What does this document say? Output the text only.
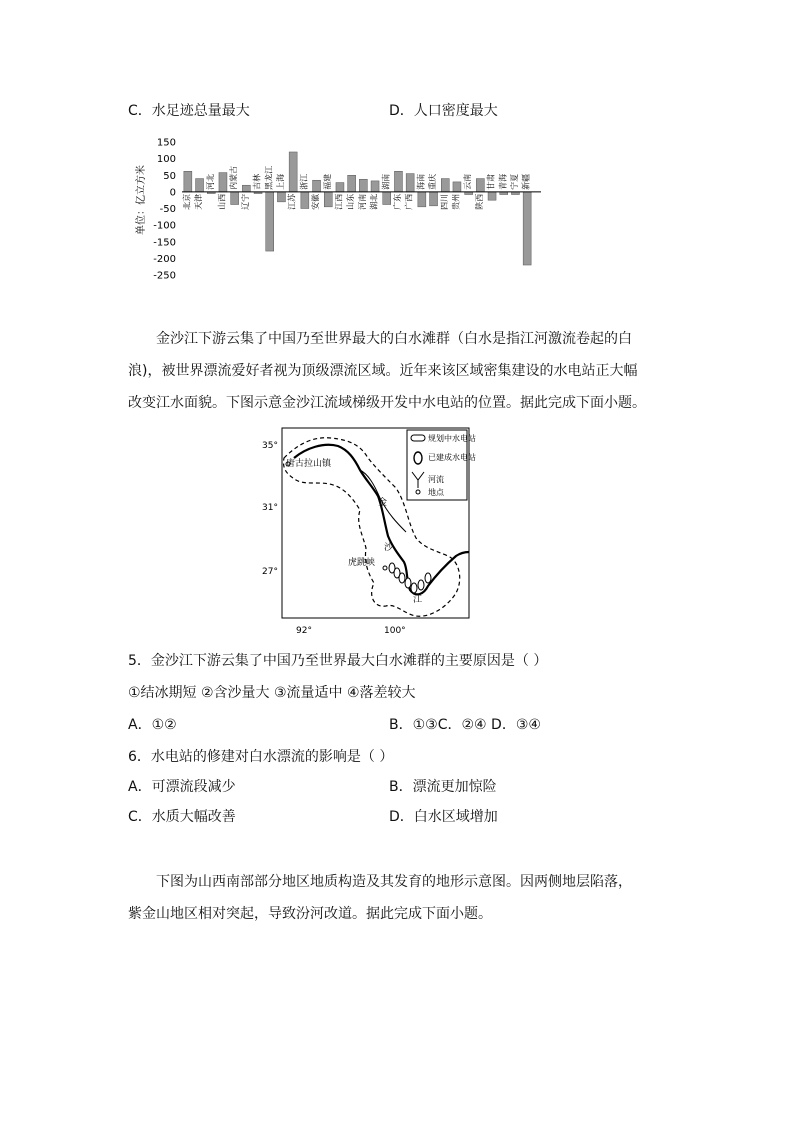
C．水足迹总量最大	D．人口密度最大
单位：亿立方米
150
100
50
0
-50
-100
-150
-200
-250
北京 天津
河北
山西
内蒙古
辽宁
吉林 黑龙江 上海
江苏
浙江
安徽
福建
江西 山东 河南 湖北
湖南
广东 广西
海南 重庆
四川 贵州
云南
陕西
甘肃 青海 宁夏 新疆

金沙江下游云集了中国乃至世界最大的白水滩群（白水是指江河激流卷起的白

浪)，被世界漂流爱好者视为顶级漂流区域。近年来该区域密集建设的水电站正大幅

改变江水面貌。下图示意金沙江流域梯级开发中水电站的位置。据此完成下面小题。

唐古拉山镇
虎跳峡
金
沙
江
35°
31°
27°
92°	100°
规划中水电站
已建成水电站
河流
地点
5．金沙江下游云集了中国乃至世界最大白水滩群的主要原因是（ ）
①结冰期短 ②含沙量大 ③流量适中 ④落差较大
A．①②	B．①③C．②④ D．③④
6．水电站的修建对白水漂流的影响是（ ）
A．可漂流段减少	B．漂流更加惊险
C．水质大幅改善	D．白水区域增加

下图为山西南部部分地区地质构造及其发育的地形示意图。因两侧地层陷落，

紫金山地区相对突起，导致汾河改道。据此完成下面小题。
